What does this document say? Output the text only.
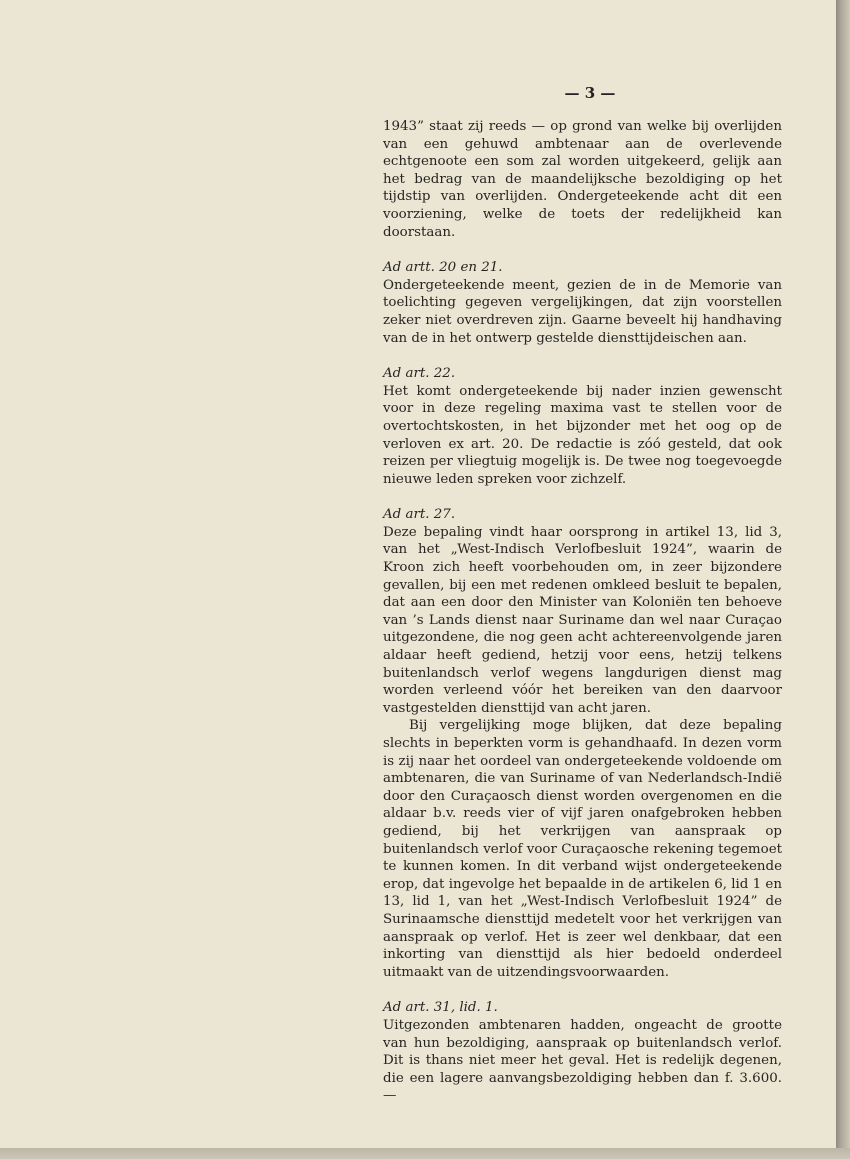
— 3 —

1943” staat zij reeds — op grond van welke bij overlijden van een gehuwd ambtenaar aan de overlevende echtgenoote een som zal worden uitgekeerd, gelijk aan het bedrag van de maandelijksche bezoldiging op het tijdstip van overlijden. Ondergeteekende acht dit een voorziening, welke de toets der redelijkheid kan doorstaan.

Ad artt. 20 en 21.

Ondergeteekende meent, gezien de in de Memorie van toelichting gegeven vergelijkingen, dat zijn voorstellen zeker niet overdreven zijn. Gaarne beveelt hij handhaving van de in het ontwerp gestelde diensttijdeischen aan.

Ad art. 22.

Het komt ondergeteekende bij nader inzien gewenscht voor in deze regeling maxima vast te stellen voor de overtochtskosten, in het bijzonder met het oog op de verloven ex art. 20. De redactie is zóó gesteld, dat ook reizen per vliegtuig mogelijk is. De twee nog toegevoegde nieuwe leden spreken voor zichzelf.

Ad art. 27.

Deze bepaling vindt haar oorsprong in artikel 13, lid 3, van het „West-Indisch Verlofbesluit 1924”, waarin de Kroon zich heeft voorbehouden om, in zeer bijzondere gevallen, bij een met redenen omkleed besluit te bepalen, dat aan een door den Minister van Koloniën ten behoeve van ’s Lands dienst naar Suriname dan wel naar Curaçao uitgezondene, die nog geen acht achtereenvolgende jaren aldaar heeft gediend, hetzij voor eens, hetzij telkens buitenlandsch verlof wegens langdurigen dienst mag worden verleend vóór het bereiken van den daarvoor vastgestelden diensttijd van acht jaren.

Bij vergelijking moge blijken, dat deze bepaling slechts in beperkten vorm is gehandhaafd. In dezen vorm is zij naar het oordeel van ondergeteekende voldoende om ambtenaren, die van Suriname of van Nederlandsch-Indië door den Curaçaosch dienst worden overgenomen en die aldaar b.v. reeds vier of vijf jaren onafgebroken hebben gediend, bij het verkrijgen van aanspraak op buitenlandsch verlof voor Curaçaosche rekening tegemoet te kunnen komen. In dit verband wijst ondergeteekende erop, dat ingevolge het bepaalde in de artikelen 6, lid 1 en 13, lid 1, van het „West-Indisch Verlofbesluit 1924” de Surinaamsche diensttijd medetelt voor het verkrijgen van aanspraak op verlof. Het is zeer wel denkbaar, dat een inkorting van diensttijd als hier bedoeld onderdeel uitmaakt van de uitzendingsvoorwaarden.

Ad art. 31, lid. 1.

Uitgezonden ambtenaren hadden, ongeacht de grootte van hun bezoldiging, aanspraak op buitenlandsch verlof. Dit is thans niet meer het geval. Het is redelijk degenen, die een lagere aanvangsbezoldiging hebben dan f. 3.600.—
